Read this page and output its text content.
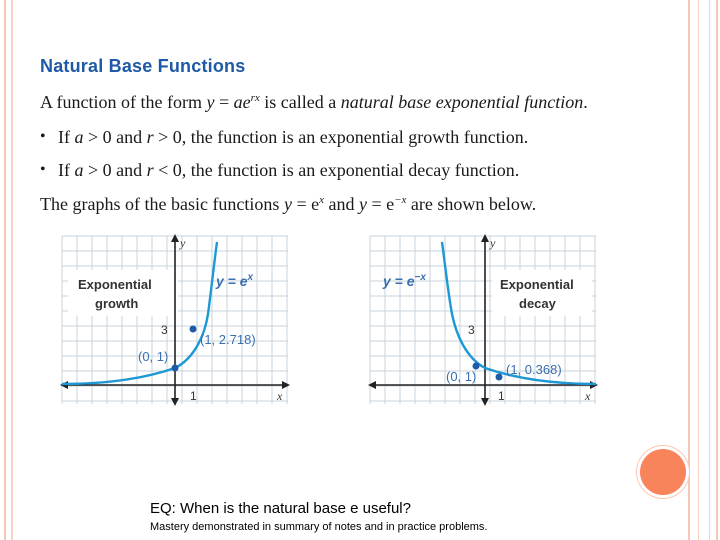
Natural Base Functions
A function of the form $y = ae^{rx}$ is called a natural base exponential function.
• If a > 0 and r > 0, the function is an exponential growth function.
• If a > 0 and r < 0, the function is an exponential decay function.
The graphs of the basic functions $y = e^x$ and $y = e^{-x}$ are shown below.
Exponential
growth
$y = e^x$
(0, 1)
(1, 2.718)
3
1	x
y
Exponential
decay
$y = e^{-x}$
(0, 1) (1, 0.368)
3
1	x
y
EQ: When is the natural base e useful?
Mastery demonstrated in summary of notes and in practice problems.
